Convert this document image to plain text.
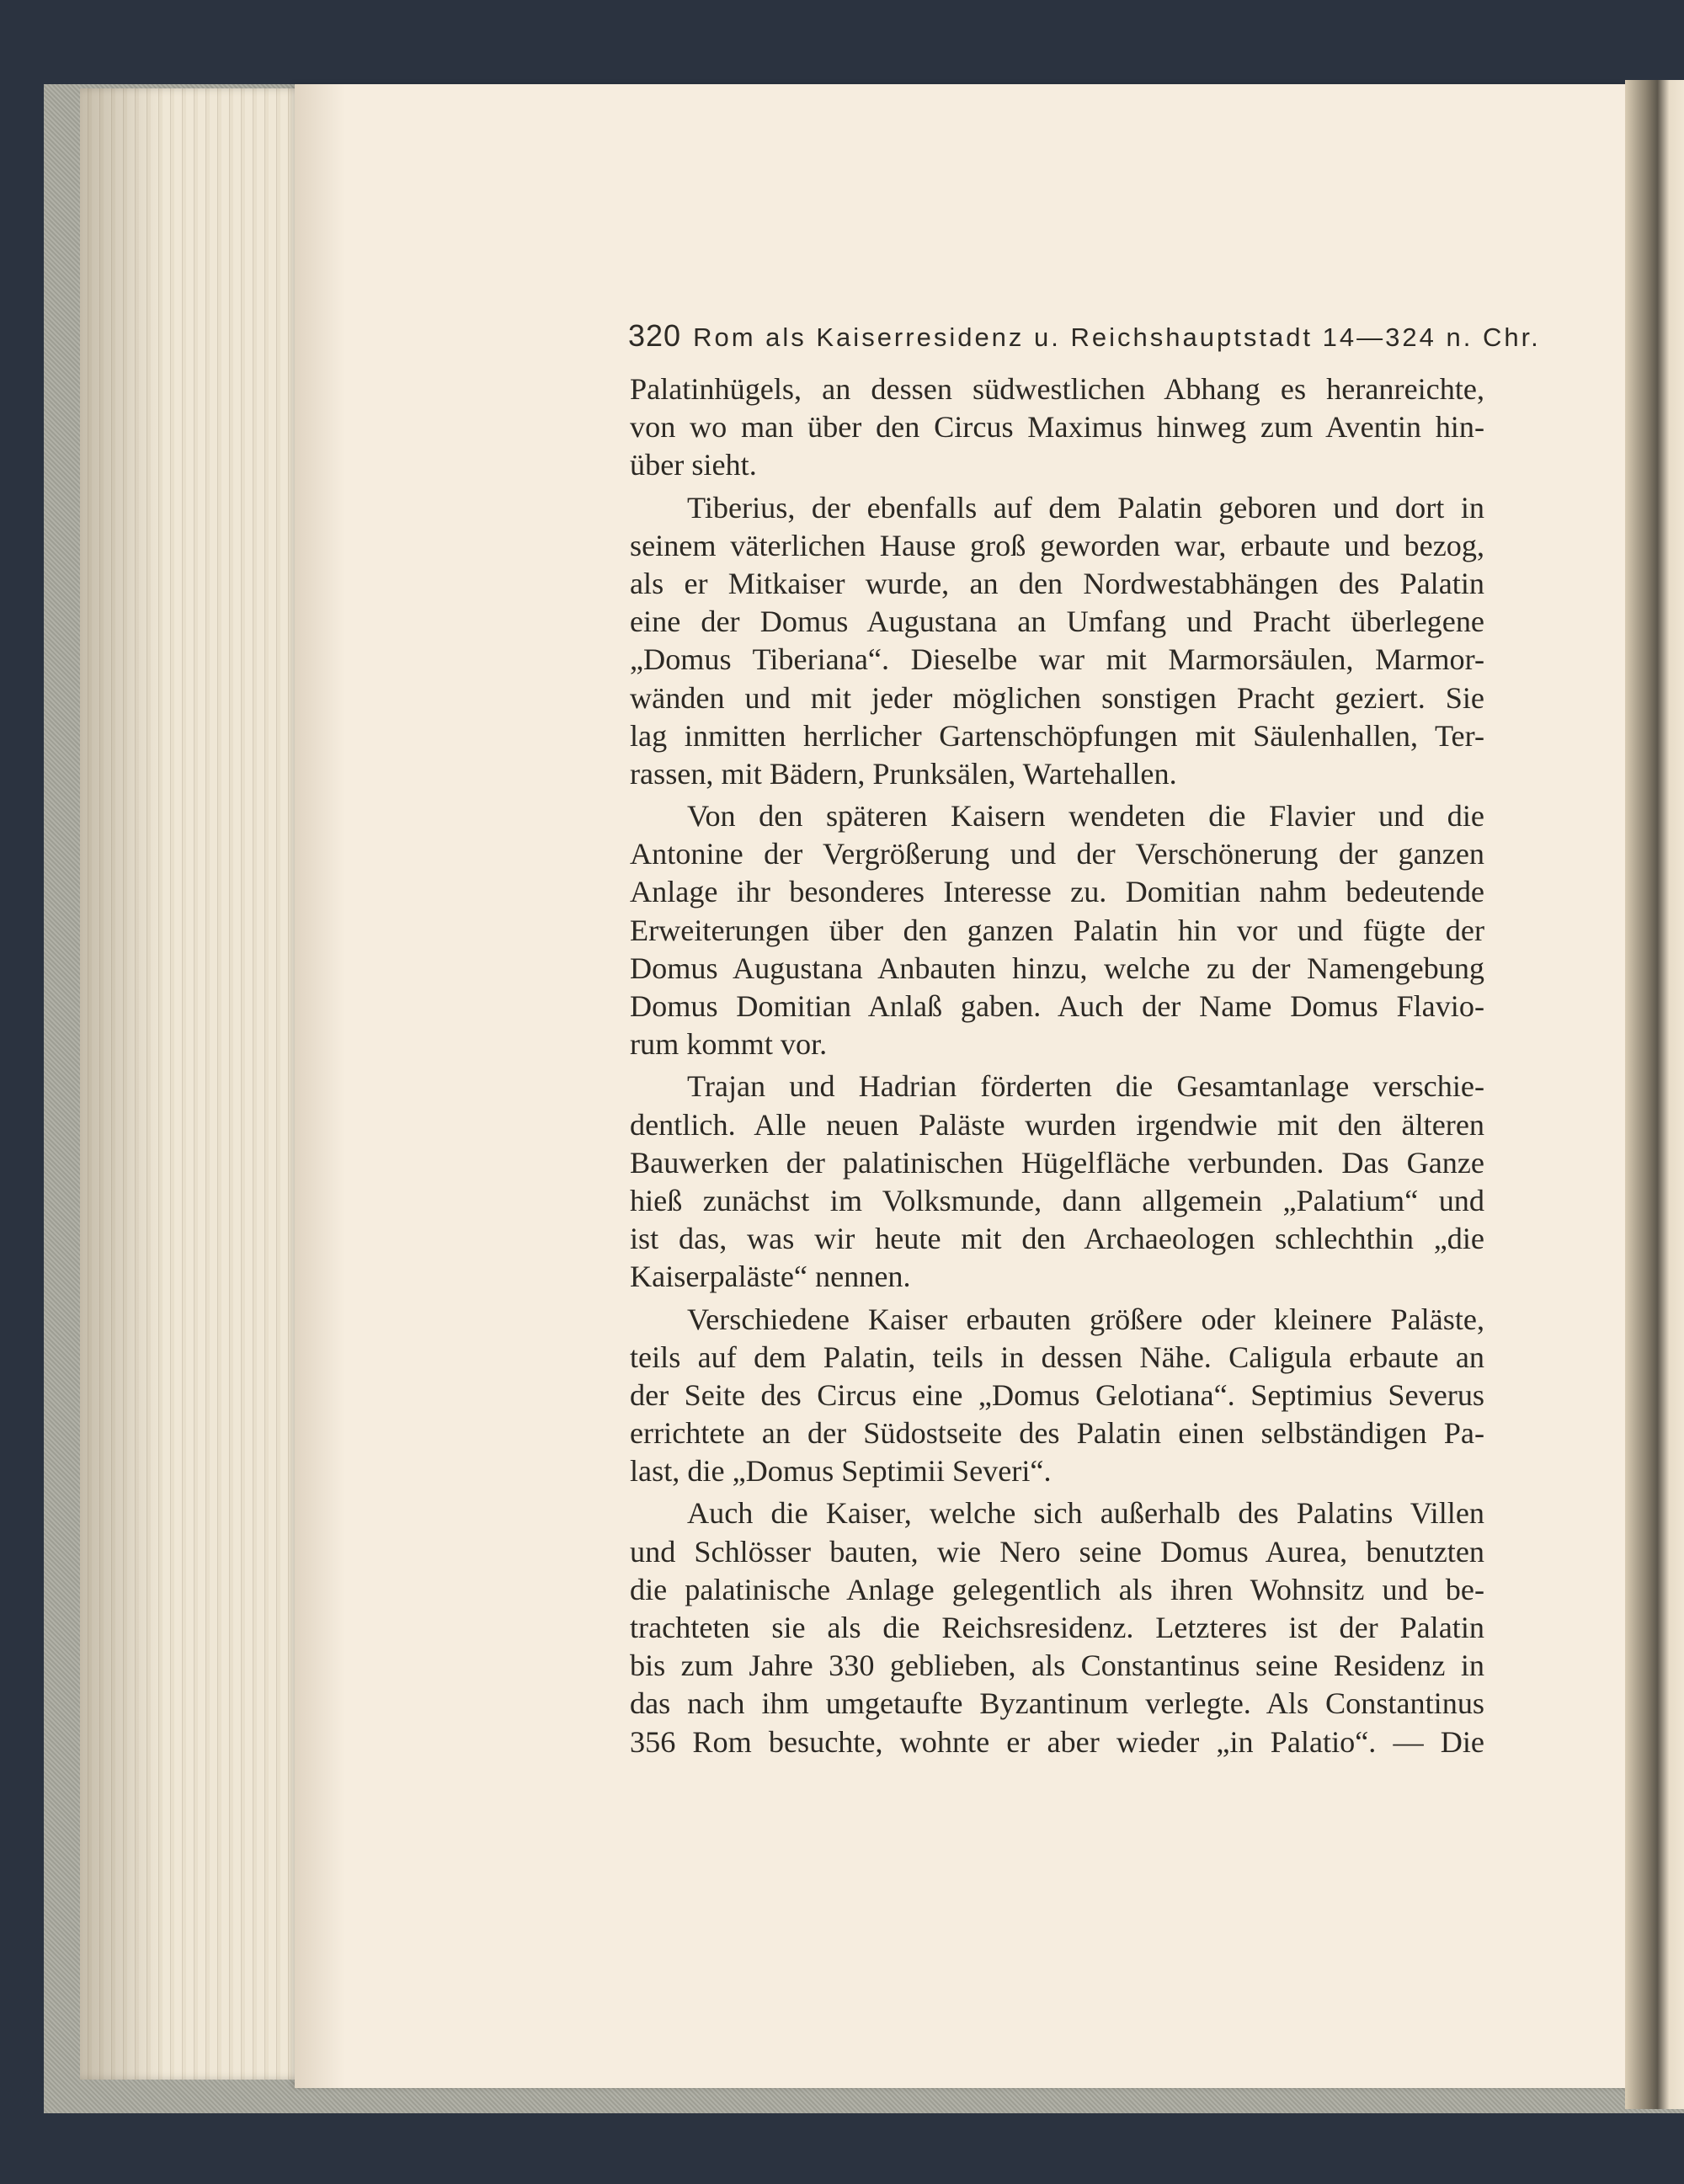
320 Rom als Kaiserresidenz u. Reichshauptstadt 14—324 n. Chr.
Palatinhügels, an dessen südwestlichen Abhang es heranreichte,
von wo man über den Circus Maximus hinweg zum Aventin hin-
über sieht.
Tiberius, der ebenfalls auf dem Palatin geboren und dort in
seinem väterlichen Hause groß geworden war, erbaute und bezog,
als er Mitkaiser wurde, an den Nordwestabhängen des Palatin
eine der Domus Augustana an Umfang und Pracht überlegene
„Domus Tiberiana“. Dieselbe war mit Marmorsäulen, Marmor-
wänden und mit jeder möglichen sonstigen Pracht geziert. Sie
lag inmitten herrlicher Gartenschöpfungen mit Säulenhallen, Ter-
rassen, mit Bädern, Prunksälen, Wartehallen.
Von den späteren Kaisern wendeten die Flavier und die
Antonine der Vergrößerung und der Verschönerung der ganzen
Anlage ihr besonderes Interesse zu. Domitian nahm bedeutende
Erweiterungen über den ganzen Palatin hin vor und fügte der
Domus Augustana Anbauten hinzu, welche zu der Namengebung
Domus Domitian Anlaß gaben. Auch der Name Domus Flavio-
rum kommt vor.
Trajan und Hadrian förderten die Gesamtanlage verschie-
dentlich. Alle neuen Paläste wurden irgendwie mit den älteren
Bauwerken der palatinischen Hügelfläche verbunden. Das Ganze
hieß zunächst im Volksmunde, dann allgemein „Palatium“ und
ist das, was wir heute mit den Archaeologen schlechthin „die
Kaiserpaläste“ nennen.
Verschiedene Kaiser erbauten größere oder kleinere Paläste,
teils auf dem Palatin, teils in dessen Nähe. Caligula erbaute an
der Seite des Circus eine „Domus Gelotiana“. Septimius Severus
errichtete an der Südostseite des Palatin einen selbständigen Pa-
last, die „Domus Septimii Severi“.
Auch die Kaiser, welche sich außerhalb des Palatins Villen
und Schlösser bauten, wie Nero seine Domus Aurea, benutzten
die palatinische Anlage gelegentlich als ihren Wohnsitz und be-
trachteten sie als die Reichsresidenz. Letzteres ist der Palatin
bis zum Jahre 330 geblieben, als Constantinus seine Residenz in
das nach ihm umgetaufte Byzantinum verlegte. Als Constantinus
356 Rom besuchte, wohnte er aber wieder „in Palatio“. — Die
